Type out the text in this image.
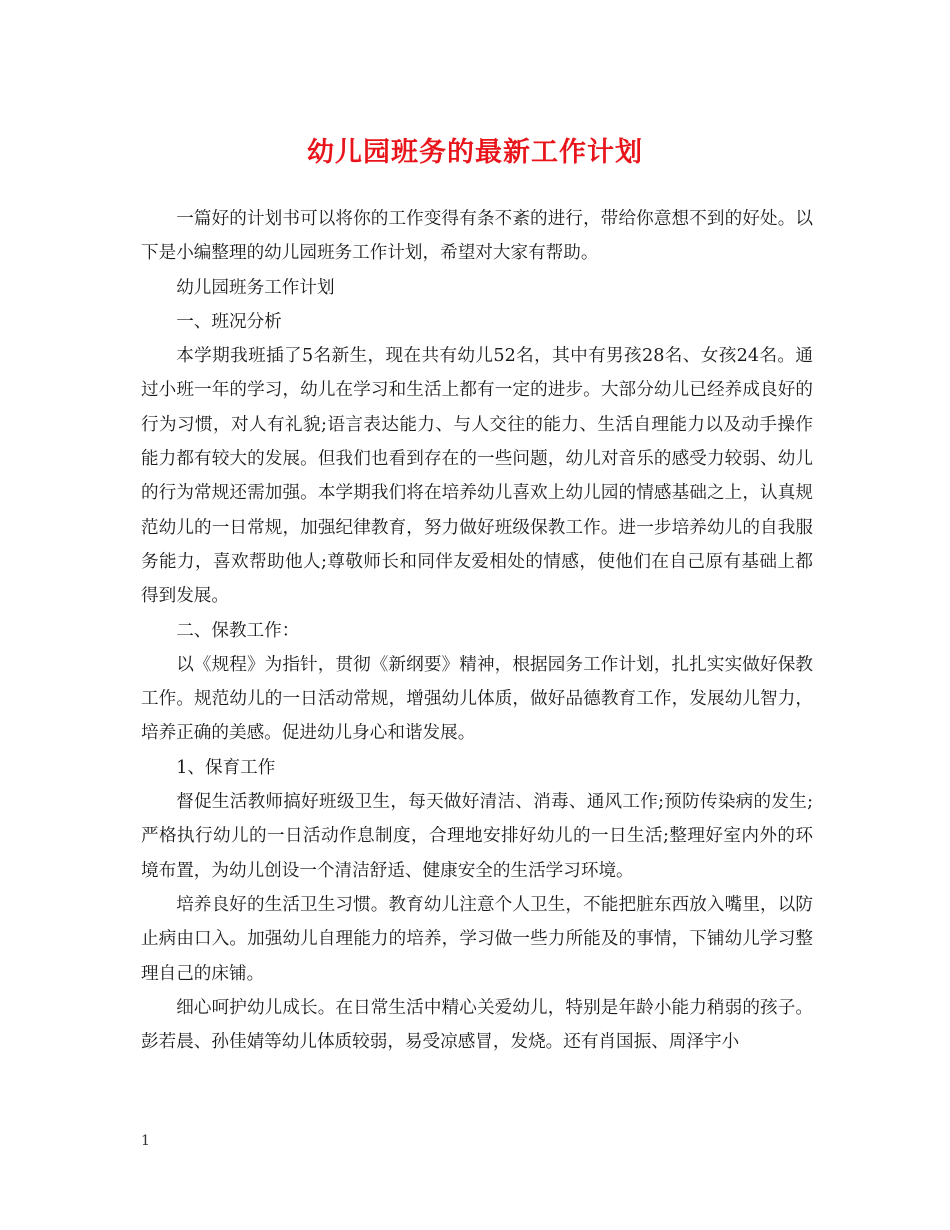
幼儿园班务的最新工作计划

一篇好的计划书可以将你的工作变得有条不紊的进行，带给你意想不到的好处。以下是小编整理的幼儿园班务工作计划，希望对大家有帮助。

幼儿园班务工作计划

一、班况分析

本学期我班插了5名新生，现在共有幼儿52名，其中有男孩28名、女孩24名。通过小班一年的学习，幼儿在学习和生活上都有一定的进步。大部分幼儿已经养成良好的行为习惯，对人有礼貌;语言表达能力、与人交往的能力、生活自理能力以及动手操作能力都有较大的发展。但我们也看到存在的一些问题，幼儿对音乐的感受力较弱、幼儿的行为常规还需加强。本学期我们将在培养幼儿喜欢上幼儿园的情感基础之上，认真规范幼儿的一日常规，加强纪律教育，努力做好班级保教工作。进一步培养幼儿的自我服务能力，喜欢帮助他人;尊敬师长和同伴友爱相处的情感，使他们在自己原有基础上都得到发展。

二、保教工作：

以《规程》为指针，贯彻《新纲要》精神，根据园务工作计划，扎扎实实做好保教工作。规范幼儿的一日活动常规，增强幼儿体质，做好品德教育工作，发展幼儿智力，培养正确的美感。促进幼儿身心和谐发展。

1、保育工作

督促生活教师搞好班级卫生，每天做好清洁、消毒、通风工作;预防传染病的发生;严格执行幼儿的一日活动作息制度，合理地安排好幼儿的一日生活;整理好室内外的环境布置，为幼儿创设一个清洁舒适、健康安全的生活学习环境。

培养良好的生活卫生习惯。教育幼儿注意个人卫生，不能把脏东西放入嘴里，以防止病由口入。加强幼儿自理能力的培养，学习做一些力所能及的事情，下铺幼儿学习整理自己的床铺。

细心呵护幼儿成长。在日常生活中精心关爱幼儿，特别是年龄小能力稍弱的孩子。彭若晨、孙佳婧等幼儿体质较弱，易受凉感冒，发烧。还有肖国振、周泽宇小

1
